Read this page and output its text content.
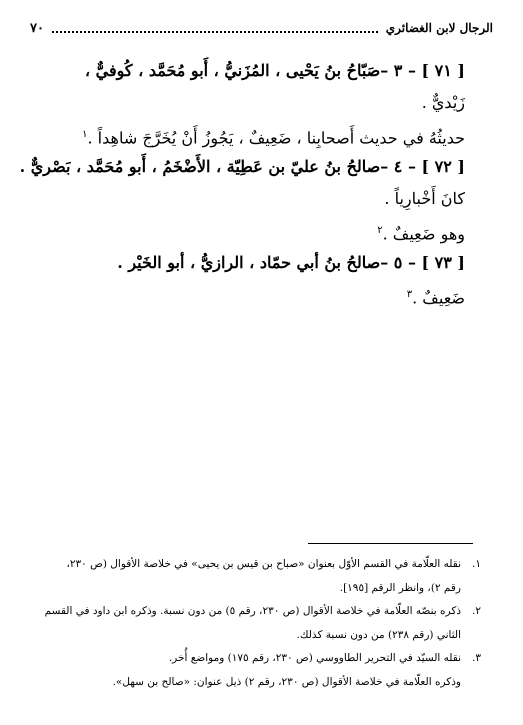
٧٠	الرجال لابن الغضائري
[ ٧١ ] – ٣ –صَبّاحُ بنُ يَحْيى ، المُزَنيُّ ، أَبو مُحَمَّد ، كُوفيٌّ ،
زَيْديٌّ .
حديثُهُ في حديث أَصحابِنا ، ضَعِيفٌ ، يَجُوزُ أَنْ يُخَرَّجَ شاهِداً .$^١$
[ ٧٢ ] – ٤ –صالحُ بنُ عليّ بن عَطِيّة ، الأَضْخَمُ ، أَبو مُحَمَّد ، بَصْريٌّ .
كانَ أَخْبارِياً .
وهو ضَعِيفٌ .$^٢$
[ ٧٣ ] – ٥ –صالحُ بنُ أبي حمّاد ، الرازيُّ ، أبو الخَيْر .
ضَعِيفٌ .$^٣$
١.نقله العلّامة في القسم الأوّل بعنوان «صباح بن قيس بن يحيى» في خلاصة الأقوال (ص ٢٣٠،
رقم ٢)، وانظر الرقم [١٩٥].
٢.ذكره بنصّه العلّامة في خلاصة الأقوال (ص ٢٣٠، رقم ٥) من دون نسبة. وذكره ابن داود في القسم
الثاني (رقم ٢٣٨) من دون نسبة كذلك.
٣.نقله السيّد في التحرير الطاووسي (ص ٢٣٠، رقم ١٧٥) ومواضع أُخر.
وذكره العلّامة في خلاصة الأقوال (ص ٢٣٠، رقم ٢) ذيل عنوان: «صالح بن سهل».
